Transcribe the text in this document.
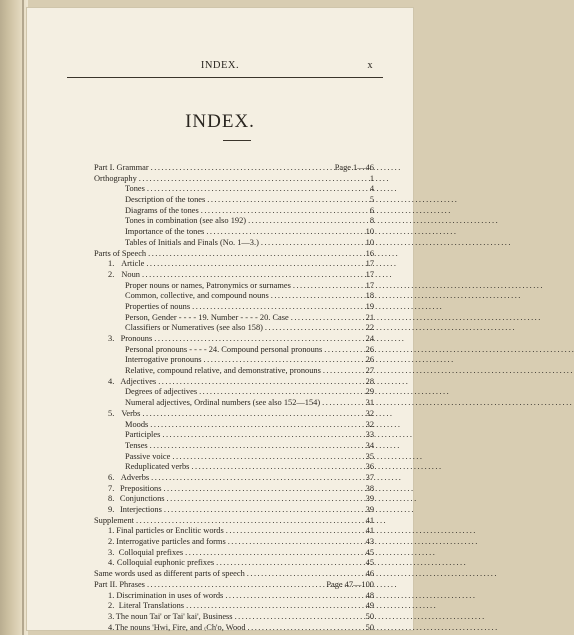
INDEX.	x
INDEX.
Part I. Grammar . . .	Page 1—46
Orthography . . .	1
Tones . . .	4
Description of the tones . . .	5
Diagrams of the tones . . .	6
Tones in combination (see also 192) . . .	8
Importance of the tones . . .	10
Tables of Initials and Finals (No. 1—3.) . . .	10
Parts of Speech . . .	16
1. Article . . .	17
2. Noun . . .	17
Proper nouns or names, Patronymics or surnames . . .	17
Common, collective, and compound nouns . . .	18
Properties of nouns . . .	19
Person, Gender - - - - 19. Number - - - - 20. Case . . .	21
Classifiers or Numeratives (see also 158) . . .	22
3. Pronouns . . .	24
Personal pronouns - - - - 24. Compound personal pronouns . . .	26
Interrogative pronouns . . .	26
Relative, compound relative, and demonstrative, pronouns . . .	27
4. Adjectives . . .	28
Degrees of adjectives . . .	29
Numeral adjectives, Ordinal numbers (see also 152—154) . . .	31
5. Verbs . . .	32
Moods . . .	32
Participles . . .	33
Tenses . . .	34
Passive voice . . .	35
Reduplicated verbs . . .	36
6. Adverbs . . .	37
7. Prepositions . . .	38
8. Conjunctions . . .	39
9. Interjections . . .	39
Supplement . . .	41
1. Final particles or Enclitic words . . .	41
2. Interrogative particles and forms . . .	43
3. Colloquial prefixes . . .	45
4. Colloquial euphonic prefixes . . .	45
Same words used as different parts of speech . . .	46
Part II. Phrases . . .	Page 47—100
1. Discrimination in uses of words . . .	48
2. Literal Translations . . .	49
3. The noun Tai' or Tai' kai', Business . . .	50
4. The nouns 'Hwi, Fire, and ₍Ch'o, Wood . . .	50
